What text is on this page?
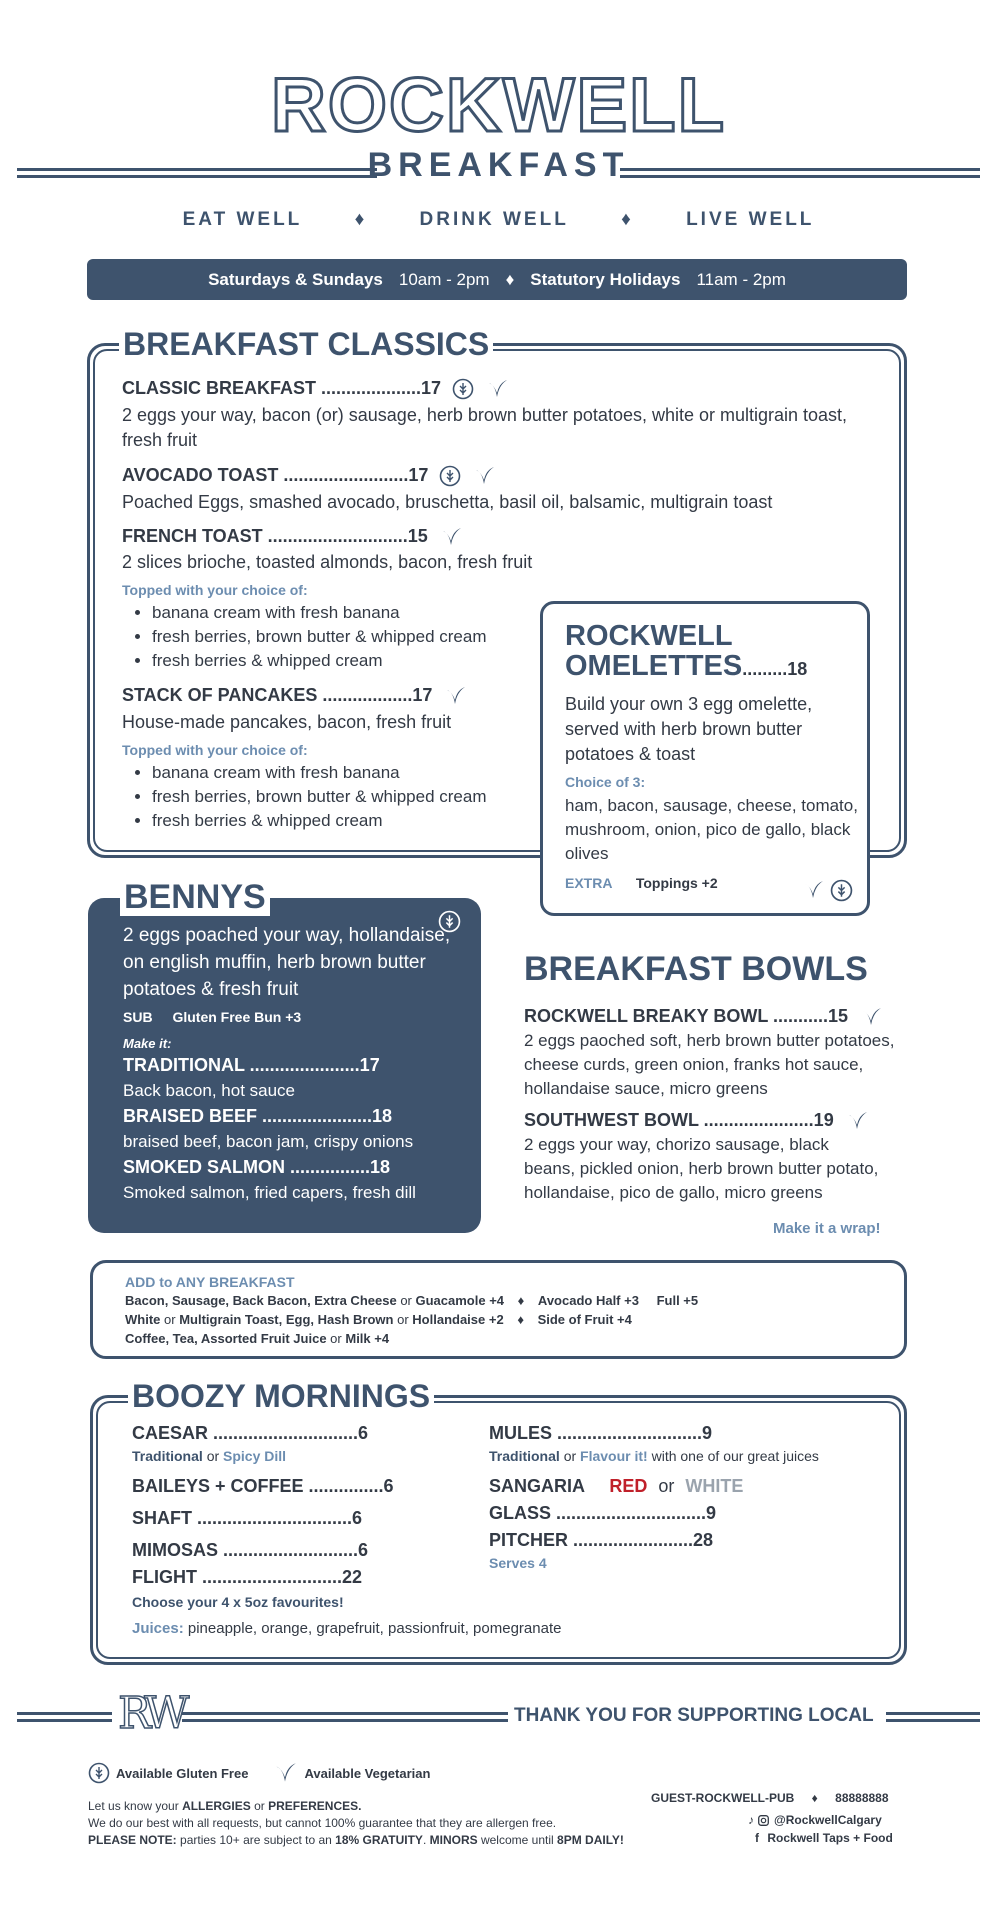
ROCKWELL
BREAKFAST
EAT WELL	♦	DRINK WELL	♦	LIVE WELL
Saturdays & Sundays 10am - 2pm ♦ Statutory Holidays 11am - 2pm
BREAKFAST CLASSICS
CLASSIC BREAKFAST ....................17
2 eggs your way, bacon (or) sausage, herb brown butter potatoes, white or multigrain toast, fresh fruit
AVOCADO TOAST .........................17
Poached Eggs, smashed avocado, bruschetta, basil oil, balsamic, multigrain toast
FRENCH TOAST ............................15
2 slices brioche, toasted almonds, bacon, fresh fruit
Topped with your choice of:
• banana cream with fresh banana
• fresh berries, brown butter & whipped cream
• fresh berries & whipped cream
STACK OF PANCAKES ..................17
House-made pancakes, bacon, fresh fruit
Topped with your choice of:
• banana cream with fresh banana
• fresh berries, brown butter & whipped cream
• fresh berries & whipped cream
ROCKWELL
OMELETTES.........18
Build your own 3 egg omelette, served with herb brown butter potatoes & toast
Choice of 3:
ham, bacon, sausage, cheese, tomato, mushroom, onion, pico de gallo, black olives
EXTRA Toppings +2
BENNYS
2 eggs poached your way, hollandaise, on english muffin, herb brown butter potatoes & fresh fruit
SUB Gluten Free Bun +3
Make it:
TRADITIONAL ......................17
Back bacon, hot sauce
BRAISED BEEF ......................18
braised beef, bacon jam, crispy onions
SMOKED SALMON ................18
Smoked salmon, fried capers, fresh dill
BREAKFAST BOWLS
ROCKWELL BREAKY BOWL ...........15
2 eggs paoched soft, herb brown butter potatoes, cheese curds, green onion, franks hot sauce, hollandaise sauce, micro greens
SOUTHWEST BOWL ......................19
2 eggs your way, chorizo sausage, black beans, pickled onion, herb brown butter potato, hollandaise, pico de gallo, micro greens
Make it a wrap!
ADD to ANY BREAKFAST
Bacon, Sausage, Back Bacon, Extra Cheese or Guacamole +4 ♦ Avocado Half +3 Full +5
White or Multigrain Toast, Egg, Hash Brown or Hollandaise +2 ♦ Side of Fruit +4
Coffee, Tea, Assorted Fruit Juice or Milk +4
BOOZY MORNINGS
CAESAR .............................6
Traditional or Spicy Dill
BAILEYS + COFFEE ...............6
SHAFT ...............................6
MIMOSAS ...........................6
FLIGHT ............................22
Choose your 4 x 5oz favourites!
Juices: pineapple, orange, grapefruit, passionfruit, pomegranate
MULES .............................9
Traditional or Flavour it! with one of our great juices
SANGARIA RED or WHITE
GLASS ..............................9
PITCHER ........................28
Serves 4
RW	THANK YOU FOR SUPPORTING LOCAL
Available Gluten Free	Available Vegetarian
Let us know your ALLERGIES or PREFERENCES.
We do our best with all requests, but cannot 100% guarantee that they are allergen free.
PLEASE NOTE: parties 10+ are subject to an 18% GRATUITY. MINORS welcome until 8PM DAILY!
GUEST-ROCKWELL-PUB ♦ 88888888
♪ @RockwellCalgary
f Rockwell Taps + Food
